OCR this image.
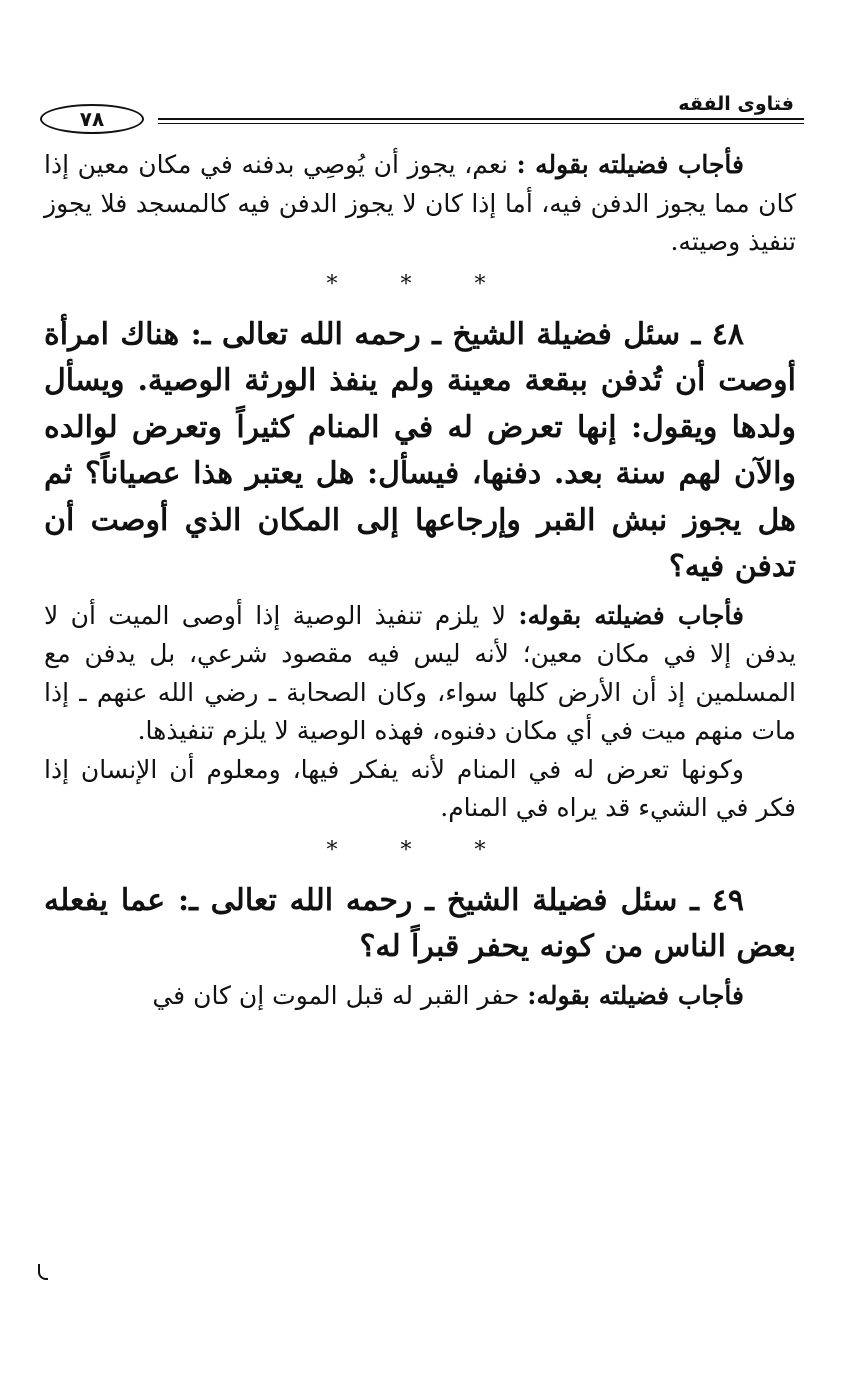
فتاوى الفقه
٧٨

فأجاب فضيلته بقوله : نعم، يجوز أن يُوصِي بدفنه في مكان معين إذا كان مما يجوز الدفن فيه، أما إذا كان لا يجوز الدفن فيه كالمسجد فلا يجوز تنفيذ وصيته.

* * *

٤٨ ـ سئل فضيلة الشيخ ـ رحمه الله تعالى ـ: هناك امرأة أوصت أن تُدفن ببقعة معينة ولم ينفذ الورثة الوصية. ويسأل ولدها ويقول: إنها تعرض له في المنام كثيراً وتعرض لوالده والآن لهم سنة بعد. دفنها، فيسأل: هل يعتبر هذا عصياناً؟ ثم هل يجوز نبش القبر وإرجاعها إلى المكان الذي أوصت أن تدفن فيه؟

فأجاب فضيلته بقوله: لا يلزم تنفيذ الوصية إذا أوصى الميت أن لا يدفن إلا في مكان معين؛ لأنه ليس فيه مقصود شرعي، بل يدفن مع المسلمين إذ أن الأرض كلها سواء، وكان الصحابة ـ رضي الله عنهم ـ إذا مات منهم ميت في أي مكان دفنوه، فهذه الوصية لا يلزم تنفيذها.

وكونها تعرض له في المنام لأنه يفكر فيها، ومعلوم أن الإنسان إذا فكر في الشيء قد يراه في المنام.

* * *

٤٩ ـ سئل فضيلة الشيخ ـ رحمه الله تعالى ـ: عما يفعله بعض الناس من كونه يحفر قبراً له؟

فأجاب فضيلته بقوله: حفر القبر له قبل الموت إن كان في
